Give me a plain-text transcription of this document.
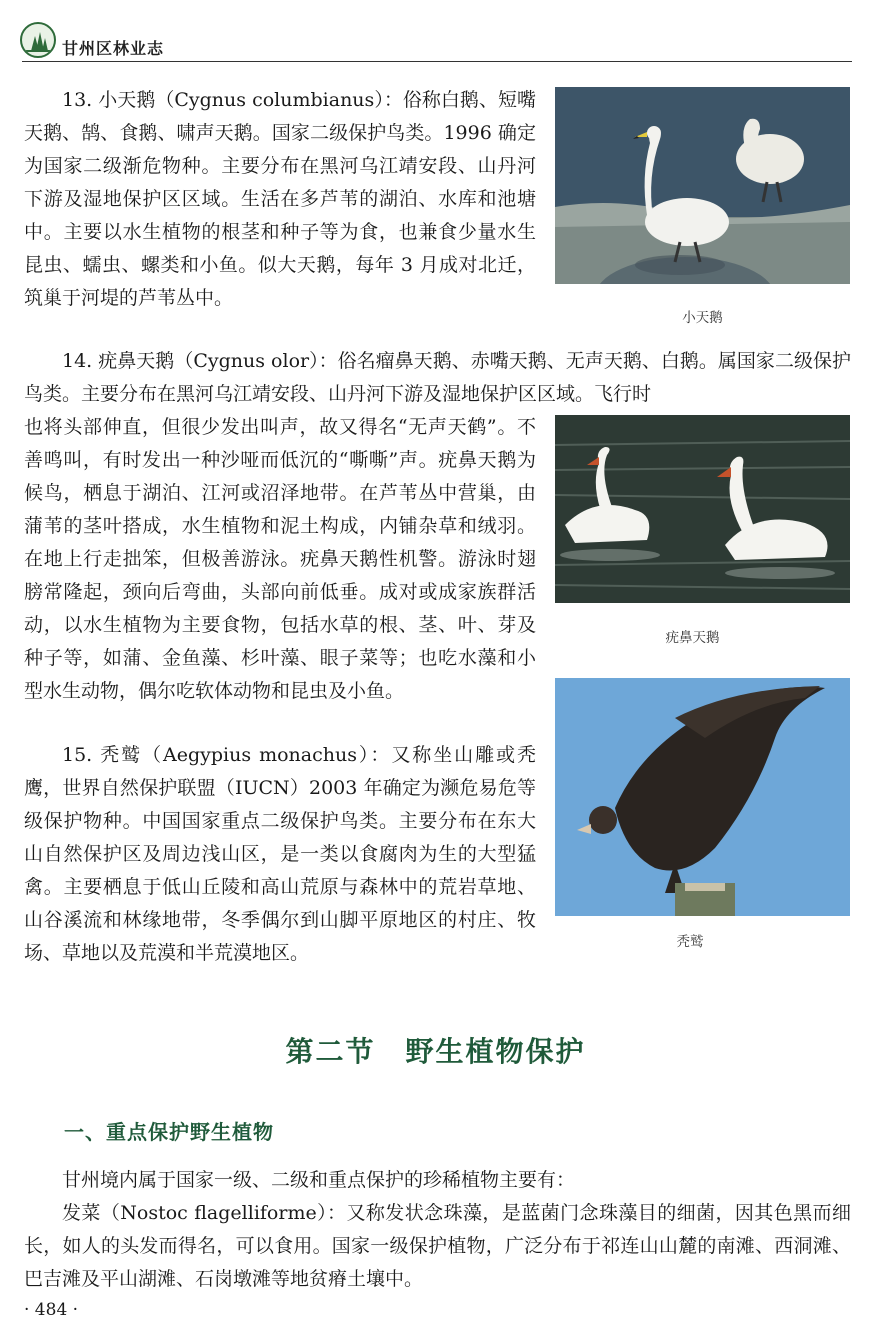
甘州区林业志

13. 小天鹅（Cygnus columbianus）：俗称白鹅、短嘴天鹅、鹄、食鹅、啸声天鹅。国家二级保护鸟类。1996 确定为国家二级渐危物种。主要分布在黑河乌江靖安段、山丹河下游及湿地保护区区域。生活在多芦苇的湖泊、水库和池塘中。主要以水生植物的根茎和种子等为食，也兼食少量水生昆虫、蠕虫、螺类和小鱼。似大天鹅，每年 3 月成对北迁，筑巢于河堤的芦苇丛中。

小天鹅

14. 疣鼻天鹅（Cygnus olor）：俗名瘤鼻天鹅、赤嘴天鹅、无声天鹅、白鹅。属国家二级保护鸟类。主要分布在黑河乌江靖安段、山丹河下游及湿地保护区区域。飞行时

也将头部伸直，但很少发出叫声，故又得名“无声天鹤”。不善鸣叫，有时发出一种沙哑而低沉的“嘶嘶”声。疣鼻天鹅为候鸟，栖息于湖泊、江河或沼泽地带。在芦苇丛中营巢，由蒲苇的茎叶搭成，水生植物和泥土构成，内铺杂草和绒羽。在地上行走拙笨，但极善游泳。疣鼻天鹅性机警。游泳时翅膀常隆起，颈向后弯曲，头部向前低垂。成对或成家族群活动，以水生植物为主要食物，包括水草的根、茎、叶、芽及种子等，如蒲、金鱼藻、杉叶藻、眼子菜等；也吃水藻和小型水生动物，偶尔吃软体动物和昆虫及小鱼。

疣鼻天鹅
秃鹫

15. 秃鹫（Aegypius monachus）：又称坐山雕或秃鹰，世界自然保护联盟（IUCN）2003 年确定为濒危易危等级保护物种。中国国家重点二级保护鸟类。主要分布在东大山自然保护区及周边浅山区，是一类以食腐肉为生的大型猛禽。主要栖息于低山丘陵和高山荒原与森林中的荒岩草地、山谷溪流和林缘地带，冬季偶尔到山脚平原地区的村庄、牧场、草地以及荒漠和半荒漠地区。

第二节　野生植物保护
一、重点保护野生植物

甘州境内属于国家一级、二级和重点保护的珍稀植物主要有：

发菜（Nostoc flagelliforme）：又称发状念珠藻，是蓝菌门念珠藻目的细菌，因其色黑而细长，如人的头发而得名，可以食用。国家一级保护植物，广泛分布于祁连山山麓的南滩、西洞滩、巴吉滩及平山湖滩、石岗墩滩等地贫瘠土壤中。

· 484 ·
